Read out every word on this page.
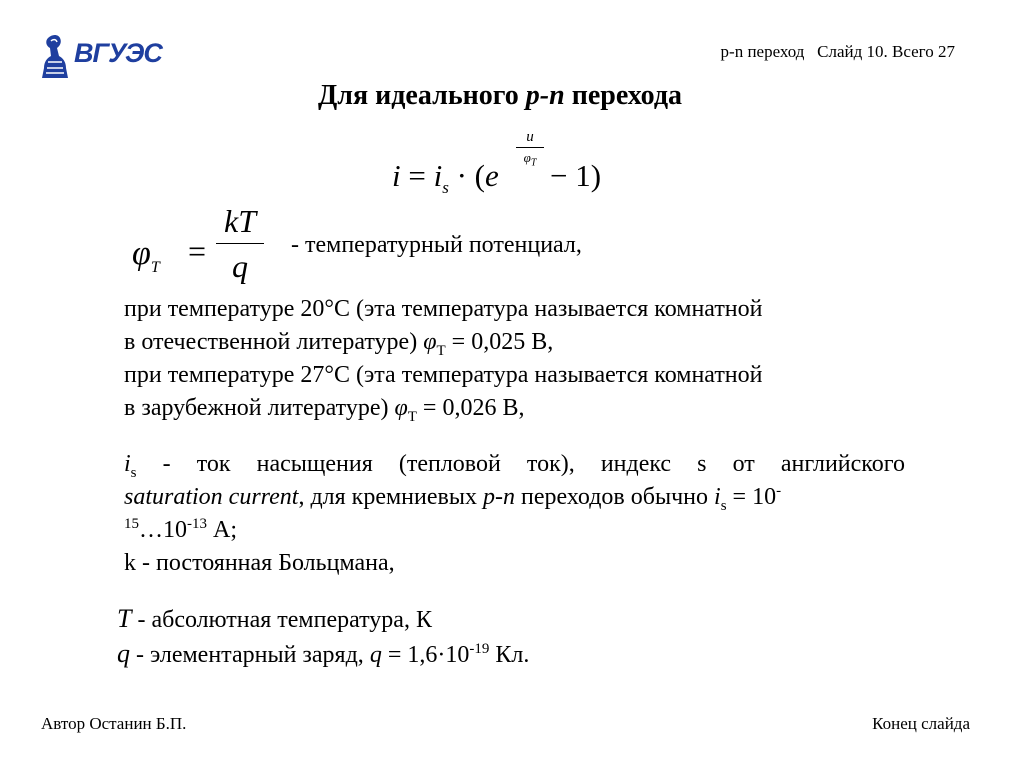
ВГУЭС	p-n переход   Слайд 10. Всего 27
Для идеального p-n перехода
$i = i_s \cdot (e$
$\frac{u}{\varphi_T}$
− 1)
$\varphi_T = \frac{kT}{q}$ - температурный потенциал,
при температуре 20°С (эта температура называется комнатной
в отечественной литературе) $\varphi_Т = 0,025$ В,
при температуре 27°С (эта температура называется комнатной
в зарубежной литературе) $\varphi_Т = 0,026$ В,
$i_s$ - ток насыщения (тепловой ток), индекс s от английского
saturation current, для кремниевых p-n переходов обычно $i_s = 10^-$
$^{15}\dots 10^{-13}$ А;
k - постоянная Больцмана,
T - абсолютная температура, К
q - элементарный заряд, $q = 1,6\cdot 10^{-19}$ Кл.
Автор Останин Б.П.	Конец слайда
